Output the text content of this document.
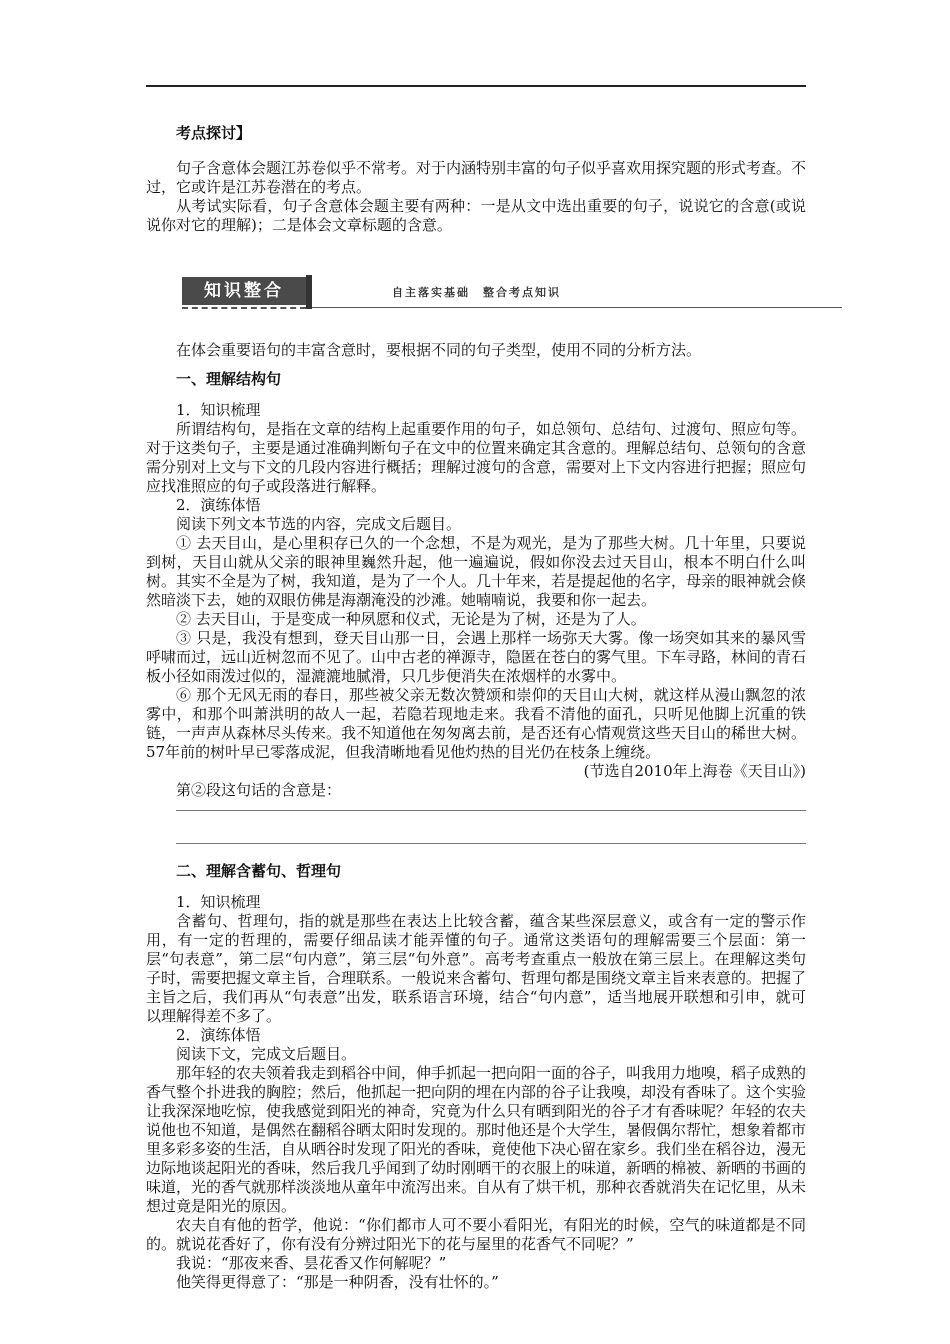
考点探讨】

句子含意体会题江苏卷似乎不常考。对于内涵特别丰富的句子似乎喜欢用探究题的形式考查。不过，它或许是江苏卷潜在的考点。

从考试实际看，句子含意体会题主要有两种：一是从文中选出重要的句子，说说它的含意(或说说你对它的理解)；二是体会文章标题的含意。

知识整合	自主落实基础　整合考点知识

在体会重要语句的丰富含意时，要根据不同的句子类型，使用不同的分析方法。

一、理解结构句

1．知识梳理

所谓结构句，是指在文章的结构上起重要作用的句子，如总领句、总结句、过渡句、照应句等。对于这类句子，主要是通过准确判断句子在文中的位置来确定其含意的。理解总结句、总领句的含意需分别对上文与下文的几段内容进行概括；理解过渡句的含意，需要对上下文内容进行把握；照应句应找准照应的句子或段落进行解释。

2．演练体悟

阅读下列文本节选的内容，完成文后题目。

① 去天目山，是心里积存已久的一个念想，不是为观光，是为了那些大树。几十年里，只要说到树，天目山就从父亲的眼神里巍然升起，他一遍遍说，假如你没去过天目山，根本不明白什么叫树。其实不全是为了树，我知道，是为了一个人。几十年来，若是提起他的名字，母亲的眼神就会倏然暗淡下去，她的双眼仿佛是海潮淹没的沙滩。她喃喃说，我要和你一起去。

② 去天目山，于是变成一种夙愿和仪式，无论是为了树，还是为了人。

③ 只是，我没有想到，登天目山那一日，会遇上那样一场弥天大雾。像一场突如其来的暴风雪呼啸而过，远山近树忽而不见了。山中古老的禅源寺，隐匿在苍白的雾气里。下车寻路，林间的青石板小径如雨泼过似的，湿漉漉地腻滑，只几步便消失在浓烟样的水雾中。

⑥ 那个无风无雨的春日，那些被父亲无数次赞颂和崇仰的天目山大树，就这样从漫山飘忽的浓雾中，和那个叫萧洪明的故人一起，若隐若现地走来。我看不清他的面孔，只听见他脚上沉重的铁链，一声声从森林尽头传来。我不知道他在匆匆离去前，是否还有心情观赏这些天目山的稀世大树。57年前的树叶早已零落成泥，但我清晰地看见他灼热的目光仍在枝条上缠绕。

(节选自2010年上海卷《天目山》)

第②段这句话的含意是：

二、理解含蓄句、哲理句

1．知识梳理

含蓄句、哲理句，指的就是那些在表达上比较含蓄，蕴含某些深层意义，或含有一定的警示作用，有一定的哲理的，需要仔细品读才能弄懂的句子。通常这类语句的理解需要三个层面：第一层“句表意”，第二层“句内意”，第三层“句外意”。高考考查重点一般放在第三层上。在理解这类句子时，需要把握文章主旨，合理联系。一般说来含蓄句、哲理句都是围绕文章主旨来表意的。把握了主旨之后，我们再从“句表意”出发，联系语言环境，结合“句内意”，适当地展开联想和引申，就可以理解得差不多了。

2．演练体悟

阅读下文，完成文后题目。

那年轻的农夫领着我走到稻谷中间，伸手抓起一把向阳一面的谷子，叫我用力地嗅，稻子成熟的香气整个扑进我的胸腔；然后，他抓起一把向阴的埋在内部的谷子让我嗅，却没有香味了。这个实验让我深深地吃惊，使我感觉到阳光的神奇，究竟为什么只有晒到阳光的谷子才有香味呢？年轻的农夫说他也不知道，是偶然在翻稻谷晒太阳时发现的。那时他还是个大学生，暑假偶尔帮忙，想象着都市里多彩多姿的生活，自从晒谷时发现了阳光的香味，竟使他下决心留在家乡。我们坐在稻谷边，漫无边际地谈起阳光的香味，然后我几乎闻到了幼时刚晒干的衣服上的味道，新晒的棉被、新晒的书画的味道，光的香气就那样淡淡地从童年中流泻出来。自从有了烘干机，那种衣香就消失在记忆里，从未想过竟是阳光的原因。

农夫自有他的哲学，他说：“你们都市人可不要小看阳光，有阳光的时候，空气的味道都是不同的。就说花香好了，你有没有分辨过阳光下的花与屋里的花香气不同呢？”

我说：“那夜来香、昙花香又作何解呢？”

他笑得更得意了：“那是一种阴香，没有壮怀的。”
